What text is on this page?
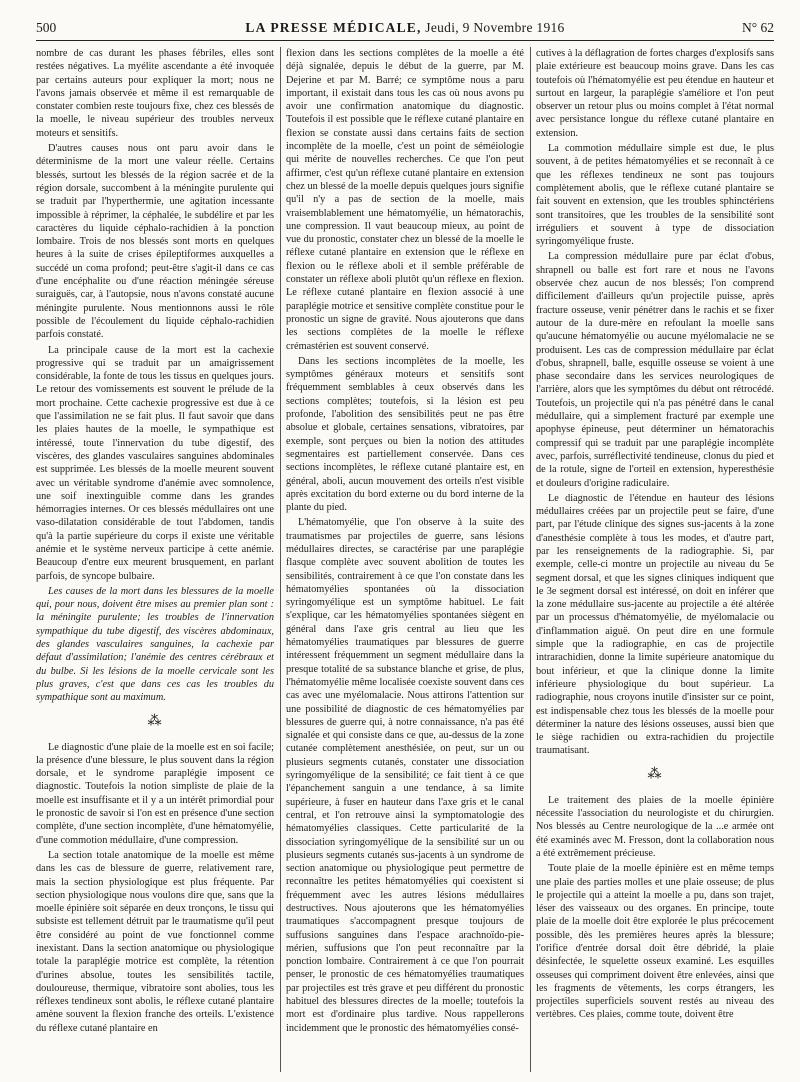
500	LA PRESSE MÉDICALE, Jeudi, 9 Novembre 1916	N° 62

nombre de cas durant les phases fébriles, elles sont restées négatives. La myélite ascendante a été invoquée par certains auteurs pour expliquer la mort; nous ne l'avons jamais observée et même il est remarquable de constater combien reste toujours fixe, chez ces blessés de la moelle, le niveau supérieur des troubles nerveux moteurs et sensitifs.

D'autres causes nous ont paru avoir dans le déterminisme de la mort une valeur réelle. Certains blessés, surtout les blessés de la région sacrée et de la région dorsale, succombent à la méningite purulente qui se traduit par l'hyperthermie, une agitation incessante impossible à réprimer, la céphalée, le subdélire et par les caractères du liquide céphalo-rachidien à la ponction lombaire. Trois de nos blessés sont morts en quelques heures à la suite de crises épileptiformes auxquelles a succédé un coma profond; peut-être s'agit-il dans ce cas d'une encéphalite ou d'une réaction méningée séreuse suraiguës, car, à l'autopsie, nous n'avons constaté aucune méningite purulente. Nous mentionnons aussi le rôle possible de l'écoulement du liquide céphalo-rachidien parfois constaté.

La principale cause de la mort est la cachexie progressive qui se traduit par un amaigrissement considérable, la fonte de tous les tissus en quelques jours. Le retour des vomissements est souvent le prélude de la mort prochaine. Cette cachexie progressive est due à ce que l'assimilation ne se fait plus. Il faut savoir que dans les plaies hautes de la moelle, le sympathique est intéressé, toute l'innervation du tube digestif, des viscères, des glandes vasculaires sanguines abdominales est supprimée. Les blessés de la moelle meurent souvent avec un véritable syndrome d'anémie avec somnolence, une soif inextinguible comme dans les grandes hémorragies internes. Or ces blessés médullaires ont une vaso-dilatation considérable de tout l'abdomen, tandis qu'à la partie supérieure du corps il existe une véritable anémie et le système nerveux participe à cette anémie. Beaucoup d'entre eux meurent brusquement, en parlant parfois, de syncope bulbaire.

Les causes de la mort dans les blessures de la moelle qui, pour nous, doivent être mises au premier plan sont : la méningite purulente; les troubles de l'innervation sympathique du tube digestif, des viscères abdominaux, des glandes vasculaires sanguines, la cachexie par défaut d'assimilation; l'anémie des centres cérébraux et du bulbe. Si les lésions de la moelle cervicale sont les plus graves, c'est que dans ces cas les troubles du sympathique sont au maximum.

⁂

Le diagnostic d'une plaie de la moelle est en soi facile; la présence d'une blessure, le plus souvent dans la région dorsale, et le syndrome paraplégie imposent ce diagnostic. Toutefois la notion simpliste de plaie de la moelle est insuffisante et il y a un intérêt primordial pour le pronostic de savoir si l'on est en présence d'une section complète, d'une section incomplète, d'une hématomyélie, d'une commotion médullaire, d'une compression.

La section totale anatomique de la moelle est même dans les cas de blessure de guerre, relativement rare, mais la section physiologique est plus fréquente. Par section physiologique nous voulons dire que, sans que la moelle épinière soit séparée en deux tronçons, le tissu qui subsiste est tellement détruit par le traumatisme qu'il peut être considéré au point de vue fonctionnel comme inexistant. Dans la section anatomique ou physiologique totale la paraplégie motrice est complète, la rétention d'urines absolue, toutes les sensibilités tactile, douloureuse, thermique, vibratoire sont abolies, tous les réflexes tendineux sont abolis, le réflexe cutané plantaire amène souvent la flexion franche des orteils. L'existence du réflexe cutané plantaire en

flexion dans les sections complètes de la moelle a été déjà signalée, depuis le début de la guerre, par M. Dejerine et par M. Barré; ce symptôme nous a paru important, il existait dans tous les cas où nous avons pu avoir une confirmation anatomique du diagnostic. Toutefois il est possible que le réflexe cutané plantaire en flexion se constate aussi dans certains faits de section incomplète de la moelle, c'est un point de séméiologie qui mérite de nouvelles recherches. Ce que l'on peut affirmer, c'est qu'un réflexe cutané plantaire en extension chez un blessé de la moelle depuis quelques jours signifie qu'il n'y a pas de section de la moelle, mais vraisemblablement une hématomyélie, un hématorachis, une compression. Il vaut beaucoup mieux, au point de vue du pronostic, constater chez un blessé de la moelle le réflexe cutané plantaire en extension que le réflexe en flexion ou le réflexe aboli et il semble préférable de constater un réflexe aboli plutôt qu'un réflexe en flexion. Le réflexe cutané plantaire en flexion associé à une paraplégie motrice et sensitive complète constitue pour le pronostic un signe de gravité. Nous ajouterons que dans les sections complètes de la moelle le réflexe crémastérien est souvent conservé.

Dans les sections incomplètes de la moelle, les symptômes généraux moteurs et sensitifs sont fréquemment semblables à ceux observés dans les sections complètes; toutefois, si la lésion est peu profonde, l'abolition des sensibilités peut ne pas être absolue et globale, certaines sensations, vibratoires, par exemple, sont perçues ou bien la notion des attitudes segmentaires est partiellement conservée. Dans ces sections incomplètes, le réflexe cutané plantaire est, en général, aboli, aucun mouvement des orteils n'est visible après excitation du bord externe ou du bord interne de la plante du pied.

L'hématomyélie, que l'on observe à la suite des traumatismes par projectiles de guerre, sans lésions médullaires directes, se caractérise par une paraplégie flasque complète avec souvent abolition de toutes les sensibilités, contrairement à ce que l'on constate dans les hématomyélies spontanées où la dissociation syringomyélique est un symptôme habituel. Le fait s'explique, car les hématomyélies spontanées siègent en général dans l'axe gris central au lieu que les hématomyélies traumatiques par blessures de guerre intéressent fréquemment un segment médullaire dans la presque totalité de sa substance blanche et grise, de plus, l'hématomyélie même localisée coexiste souvent dans ces cas avec une myélomalacie. Nous attirons l'attention sur une possibilité de diagnostic de ces hématomyélies par blessures de guerre qui, à notre connaissance, n'a pas été signalée et qui consiste dans ce que, au-dessus de la zone cutanée complètement anesthésiée, on peut, sur un ou plusieurs segments cutanés, constater une dissociation syringomyélique de la sensibilité; ce fait tient à ce que l'épanchement sanguin a une tendance, à sa limite supérieure, à fuser en hauteur dans l'axe gris et le canal central, et l'on retrouve ainsi la symptomatologie des hématomyélies classiques. Cette particularité de la dissociation syringomyélique de la sensibilité sur un ou plusieurs segments cutanés sus-jacents à un syndrome de section anatomique ou physiologique peut permettre de reconnaître les petites hématomyélies qui coexistent si fréquemment avec les autres lésions médullaires destructives. Nous ajouterons que les hématomyélies traumatiques s'accompagnent presque toujours de suffusions sanguines dans l'espace arachnoïdo-pie-mérien, suffusions que l'on peut reconnaître par la ponction lombaire. Contrairement à ce que l'on pourrait penser, le pronostic de ces hématomyélies traumatiques par projectiles est très grave et peu différent du pronostic habituel des blessures directes de la moelle; toutefois la mort est d'ordinaire plus tardive. Nous rappellerons incidemment que le pronostic des hématomyélies consé-

cutives à la déflagration de fortes charges d'explosifs sans plaie extérieure est beaucoup moins grave. Dans les cas toutefois où l'hématomyélie est peu étendue en hauteur et surtout en largeur, la paraplégie s'améliore et l'on peut observer un retour plus ou moins complet à l'état normal avec persistance longue du réflexe cutané plantaire en extension.

La commotion médullaire simple est due, le plus souvent, à de petites hématomyélies et se reconnaît à ce que les réflexes tendineux ne sont pas toujours complètement abolis, que le réflexe cutané plantaire se fait souvent en extension, que les troubles sphinctériens sont transitoires, que les troubles de la sensibilité sont irréguliers et souvent à type de dissociation syringomyélique fruste.

La compression médullaire pure par éclat d'obus, shrapnell ou balle est fort rare et nous ne l'avons observée chez aucun de nos blessés; l'on comprend difficilement d'ailleurs qu'un projectile puisse, après fracture osseuse, venir pénétrer dans le rachis et se fixer autour de la dure-mère en refoulant la moelle sans qu'aucune hématomyélie ou aucune myélomalacie ne se produisent. Les cas de compression médullaire par éclat d'obus, shrapnell, balle, esquille osseuse se voient à une phase secondaire dans les services neurologiques de l'arrière, alors que les symptômes du début ont rétrocédé. Toutefois, un projectile qui n'a pas pénétré dans le canal médullaire, qui a simplement fracturé par exemple une apophyse épineuse, peut déterminer un hématorachis compressif qui se traduit par une paraplégie incomplète avec, parfois, surréflectivité tendineuse, clonus du pied et de la rotule, signe de l'orteil en extension, hyperesthésie et douleurs d'origine radiculaire.

Le diagnostic de l'étendue en hauteur des lésions médullaires créées par un projectile peut se faire, d'une part, par l'étude clinique des signes sus-jacents à la zone d'anesthésie complète à tous les modes, et d'autre part, par les renseignements de la radiographie. Si, par exemple, celle-ci montre un projectile au niveau du 5e segment dorsal, et que les signes cliniques indiquent que le 3e segment dorsal est intéressé, on doit en inférer que la zone médullaire sus-jacente au projectile a été altérée par un processus d'hématomyélie, de myélomalacie ou d'inflammation aiguë. On peut dire en une formule simple que la radiographie, en cas de projectile intrarachidien, donne la limite supérieure anatomique du bout inférieur, et que la clinique donne la limite inférieure physiologique du bout supérieur. La radiographie, nous croyons inutile d'insister sur ce point, est indispensable chez tous les blessés de la moelle pour déterminer la nature des lésions osseuses, aussi bien que le siège rachidien ou extra-rachidien du projectile traumatisant.

⁂

Le traitement des plaies de la moelle épinière nécessite l'association du neurologiste et du chirurgien. Nos blessés au Centre neurologique de la ...e armée ont été examinés avec M. Fresson, dont la collaboration nous a été extrêmement précieuse.

Toute plaie de la moelle épinière est en même temps une plaie des parties molles et une plaie osseuse; de plus le projectile qui a atteint la moelle a pu, dans son trajet, léser des vaisseaux ou des organes. En principe, toute plaie de la moelle doit être explorée le plus précocement possible, dès les premières heures après la blessure; l'orifice d'entrée dorsal doit être débridé, la plaie désinfectée, le squelette osseux examiné. Les esquilles osseuses qui compriment doivent être enlevées, ainsi que les fragments de vêtements, les corps étrangers, les projectiles superficiels souvent restés au niveau des vertèbres. Ces plaies, comme toute, doivent être
